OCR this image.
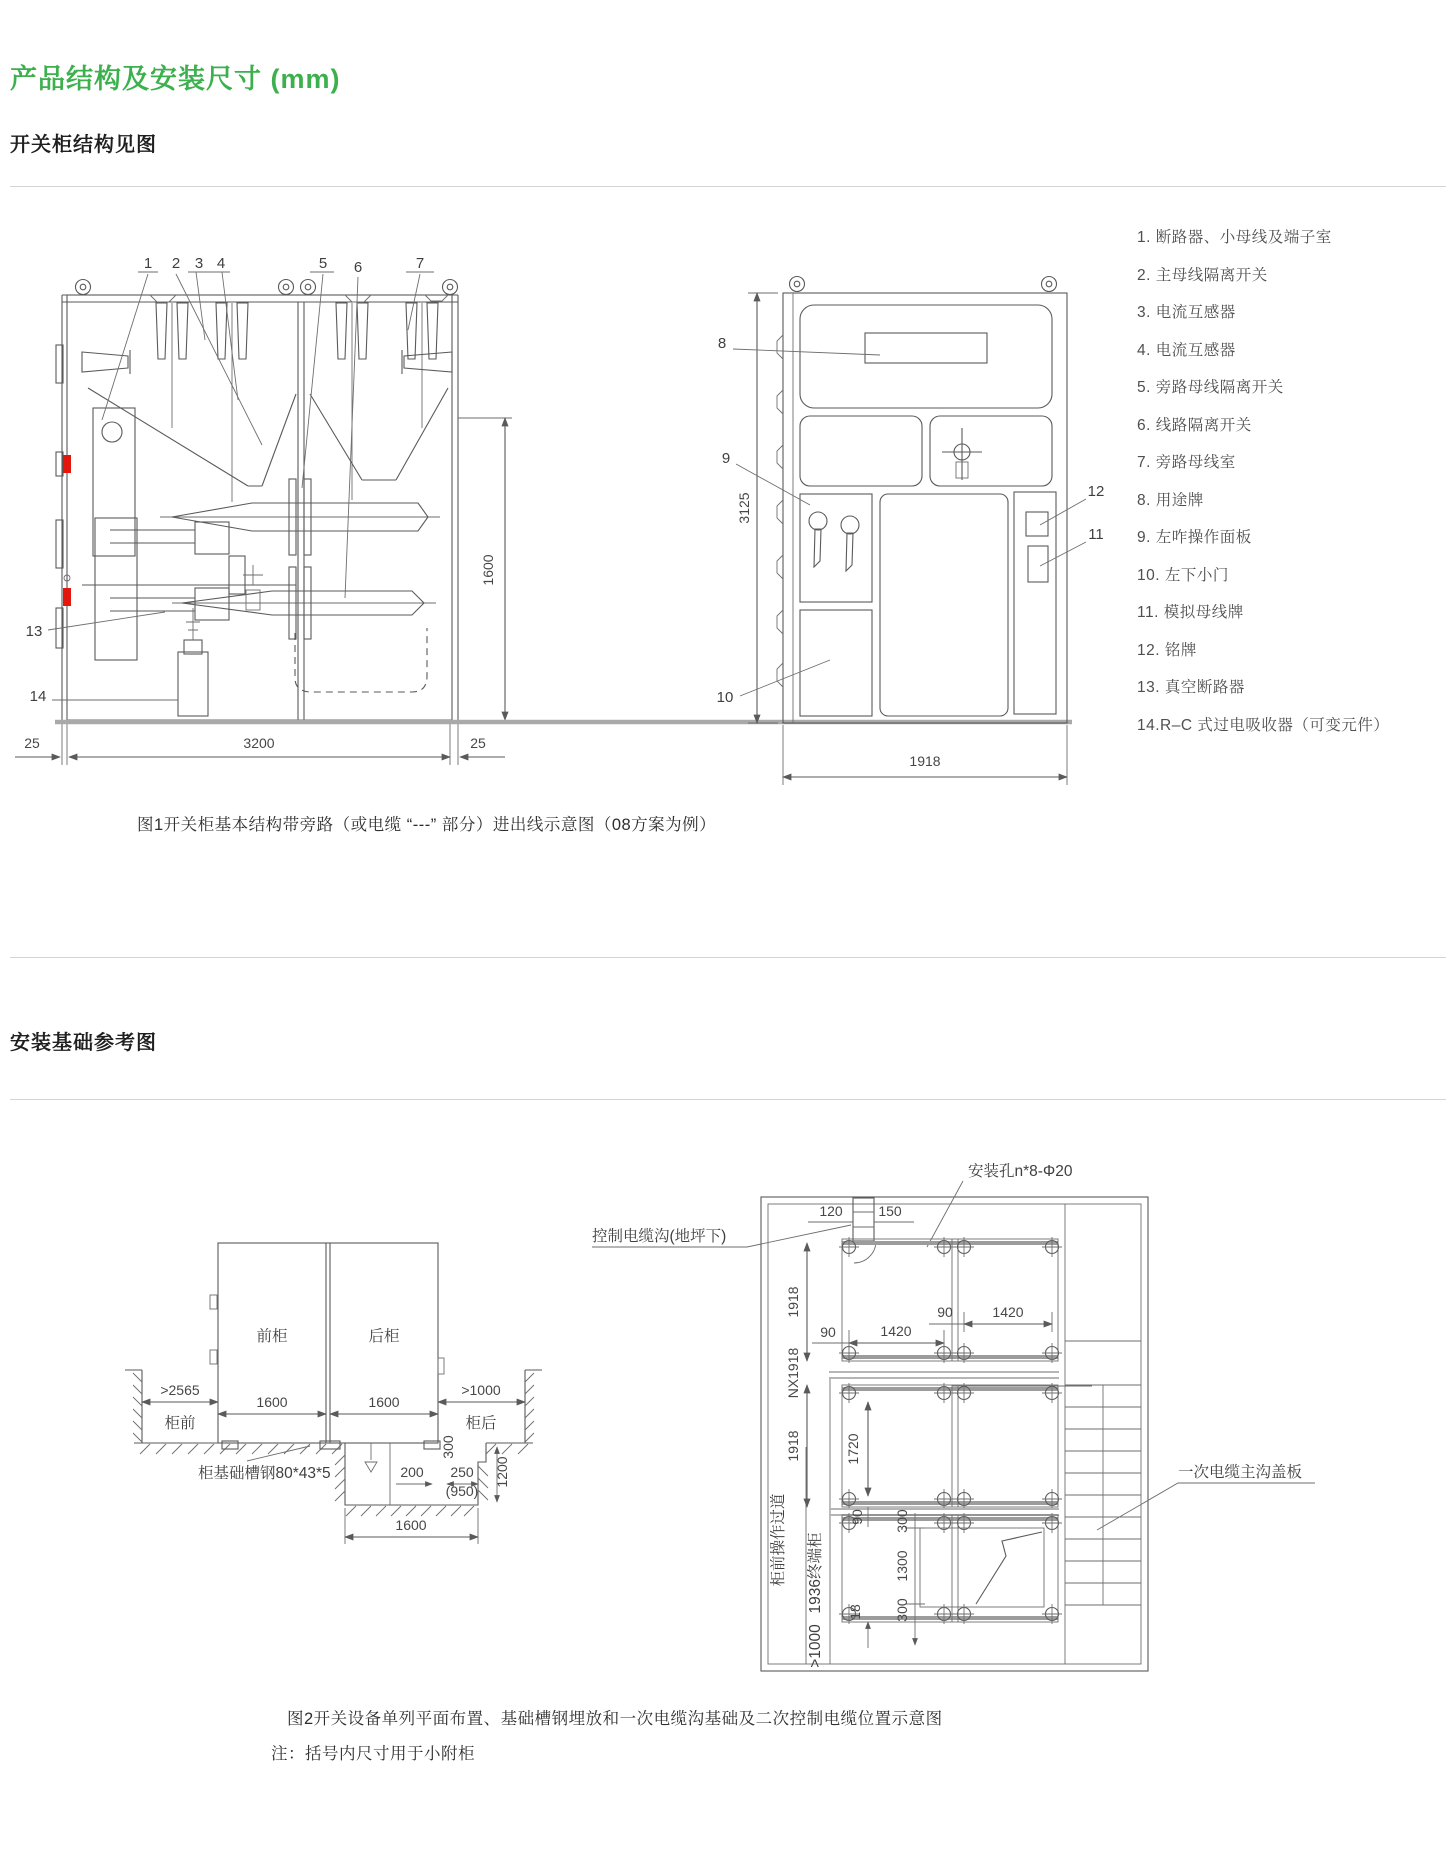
产品结构及安装尺寸 (mm)
开关柜结构见图
1 2 3 4	5 6	7
13
14
25	3200	25
1600
3125
8
9
10
12
11
1918
前柜	后柜
>2565
柜前
1600	1600
>1000
柜后
柜基础槽钢80*43*5	200 250
(950)
300
1200
1600
120	150
安装孔n*8-Φ20
控制电缆沟(地坪下)
一次电缆主沟盖板
1918
90	1420
90	1420
NX1918
1918	1720
90 300
1300
300
18
柜前操作过道 1936终端柜
>1000
1. 断路器、小母线及端子室
2. 主母线隔离开关
3. 电流互感器
4. 电流互感器
5. 旁路母线隔离开关
6. 线路隔离开关
7. 旁路母线室
8. 用途牌
9. 左咋操作面板
10. 左下小门
11. 模拟母线牌
12. 铭牌
13. 真空断路器
14.R–C 式过电吸收器（可变元件）
图1开关柜基本结构带旁路（或电缆 “---” 部分）进出线示意图（08方案为例）
安装基础参考图
图2开关设备单列平面布置、基础槽钢埋放和一次电缆沟基础及二次控制电缆位置示意图
注：括号内尺寸用于小附柜
